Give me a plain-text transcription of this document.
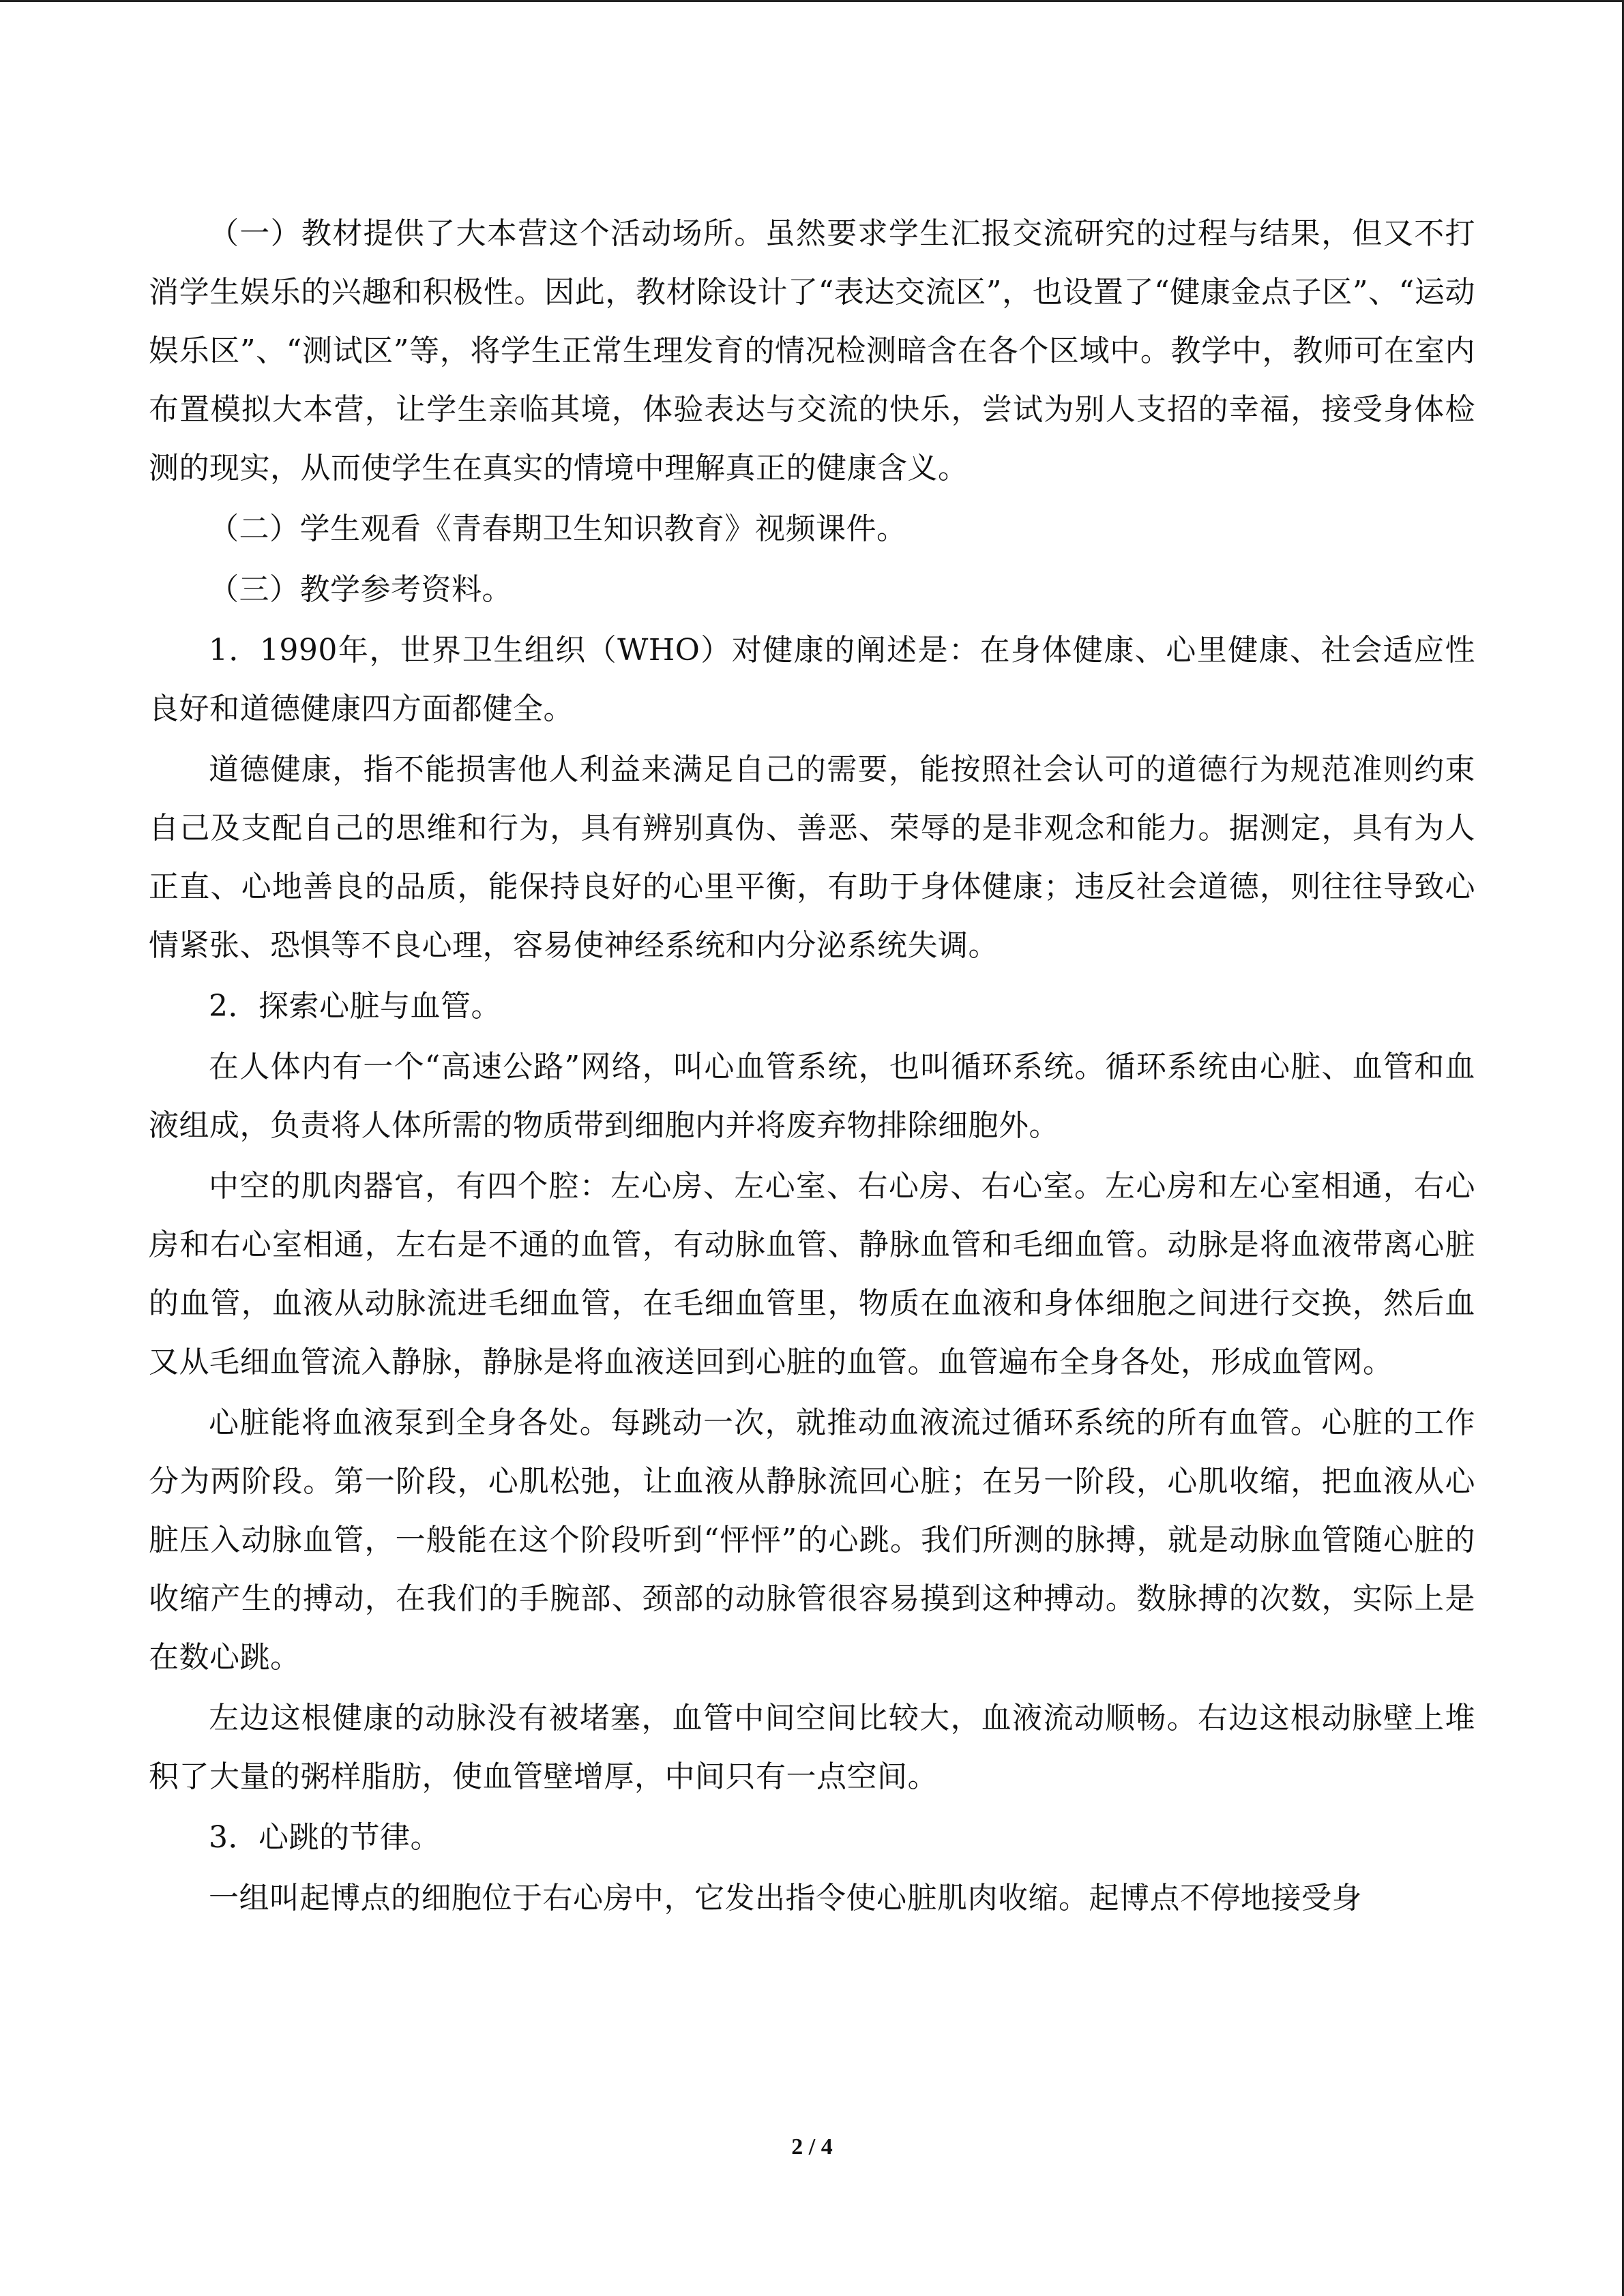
（一）教材提供了大本营这个活动场所。虽然要求学生汇报交流研究的过程与结果，但又不打消学生娱乐的兴趣和积极性。因此，教材除设计了“表达交流区”，也设置了“健康金点子区”、“运动娱乐区”、“测试区”等，将学生正常生理发育的情况检测暗含在各个区域中。教学中，教师可在室内布置模拟大本营，让学生亲临其境，体验表达与交流的快乐，尝试为别人支招的幸福，接受身体检测的现实，从而使学生在真实的情境中理解真正的健康含义。

（二）学生观看《青春期卫生知识教育》视频课件。

（三）教学参考资料。

1．1990年，世界卫生组织（WHO）对健康的阐述是：在身体健康、心里健康、社会适应性良好和道德健康四方面都健全。

道德健康，指不能损害他人利益来满足自己的需要，能按照社会认可的道德行为规范准则约束自己及支配自己的思维和行为，具有辨别真伪、善恶、荣辱的是非观念和能力。据测定，具有为人正直、心地善良的品质，能保持良好的心里平衡，有助于身体健康；违反社会道德，则往往导致心情紧张、恐惧等不良心理，容易使神经系统和内分泌系统失调。

2．探索心脏与血管。

在人体内有一个“高速公路”网络，叫心血管系统，也叫循环系统。循环系统由心脏、血管和血液组成，负责将人体所需的物质带到细胞内并将废弃物排除细胞外。

中空的肌肉器官，有四个腔：左心房、左心室、右心房、右心室。左心房和左心室相通，右心房和右心室相通，左右是不通的血管，有动脉血管、静脉血管和毛细血管。动脉是将血液带离心脏的血管，血液从动脉流进毛细血管，在毛细血管里，物质在血液和身体细胞之间进行交换，然后血又从毛细血管流入静脉，静脉是将血液送回到心脏的血管。血管遍布全身各处，形成血管网。

心脏能将血液泵到全身各处。每跳动一次，就推动血液流过循环系统的所有血管。心脏的工作分为两阶段。第一阶段，心肌松弛，让血液从静脉流回心脏；在另一阶段，心肌收缩，把血液从心脏压入动脉血管，一般能在这个阶段听到“怦怦”的心跳。我们所测的脉搏，就是动脉血管随心脏的收缩产生的搏动，在我们的手腕部、颈部的动脉管很容易摸到这种搏动。数脉搏的次数，实际上是在数心跳。

左边这根健康的动脉没有被堵塞，血管中间空间比较大，血液流动顺畅。右边这根动脉壁上堆积了大量的粥样脂肪，使血管壁增厚，中间只有一点空间。

3．心跳的节律。

一组叫起博点的细胞位于右心房中，它发出指令使心脏肌肉收缩。起博点不停地接受身

2 / 4
